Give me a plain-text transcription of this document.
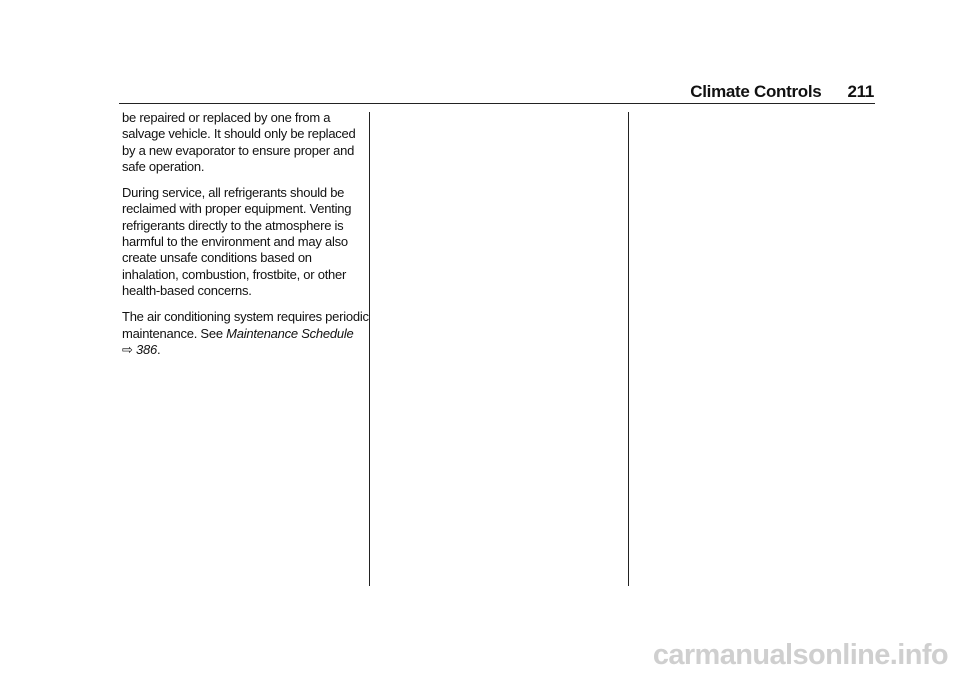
Climate Controls 211

be repaired or replaced by one from a
salvage vehicle. It should only be replaced
by a new evaporator to ensure proper and
safe operation.

During service, all refrigerants should be
reclaimed with proper equipment. Venting
refrigerants directly to the atmosphere is
harmful to the environment and may also
create unsafe conditions based on
inhalation, combustion, frostbite, or other
health-based concerns.

The air conditioning system requires periodic
maintenance. See Maintenance Schedule
⇨ 386.

carmanualsonline.info
